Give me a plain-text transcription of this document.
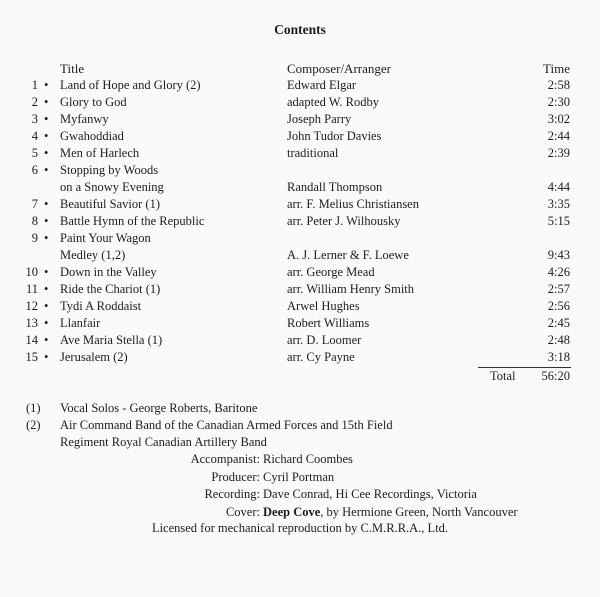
Contents
Title	Composer/Arranger	Time
1 Land of Hope and Glory (2)	Edward Elgar	2:58
•
2 Glory to God	adapted W. Rodby	2:30
•
3 Myfanwy	Joseph Parry	3:02
•
4 Gwahoddiad	John Tudor Davies	2:44
•
5 Men of Harlech	traditional	2:39
•
6 Stopping by Woods
•
on a Snowy Evening	Randall Thompson	4:44
7 Beautiful Savior (1)	arr. F. Melius Christiansen	3:35
•
8 Battle Hymn of the Republic	arr. Peter J. Wilhousky	5:15
•
9 Paint Your Wagon
•
Medley (1,2)	A. J. Lerner & F. Loewe	9:43
10 Down in the Valley	arr. George Mead	4:26
•
11 Ride the Chariot (1)	arr. William Henry Smith	2:57
•
12 Tydi A Roddaist	Arwel Hughes	2:56
•
13 Llanfair	Robert Williams	2:45
•
14 Ave Maria Stella (1)	arr. D. Loomer	2:48
•
15 Jerusalem (2)	arr. Cy Payne	3:18
•
Total	56:20
(1) Vocal Solos - George Roberts, Baritone
(2) Air Command Band of the Canadian Armed Forces and 15th Field
Regiment Royal Canadian Artillery Band
Accompanist: Richard Coombes
Producer: Cyril Portman
Recording: Dave Conrad, Hi Cee Recordings, Victoria
Cover: Deep Cove, by Hermione Green, North Vancouver
Licensed for mechanical reproduction by C.M.R.R.A., Ltd.
